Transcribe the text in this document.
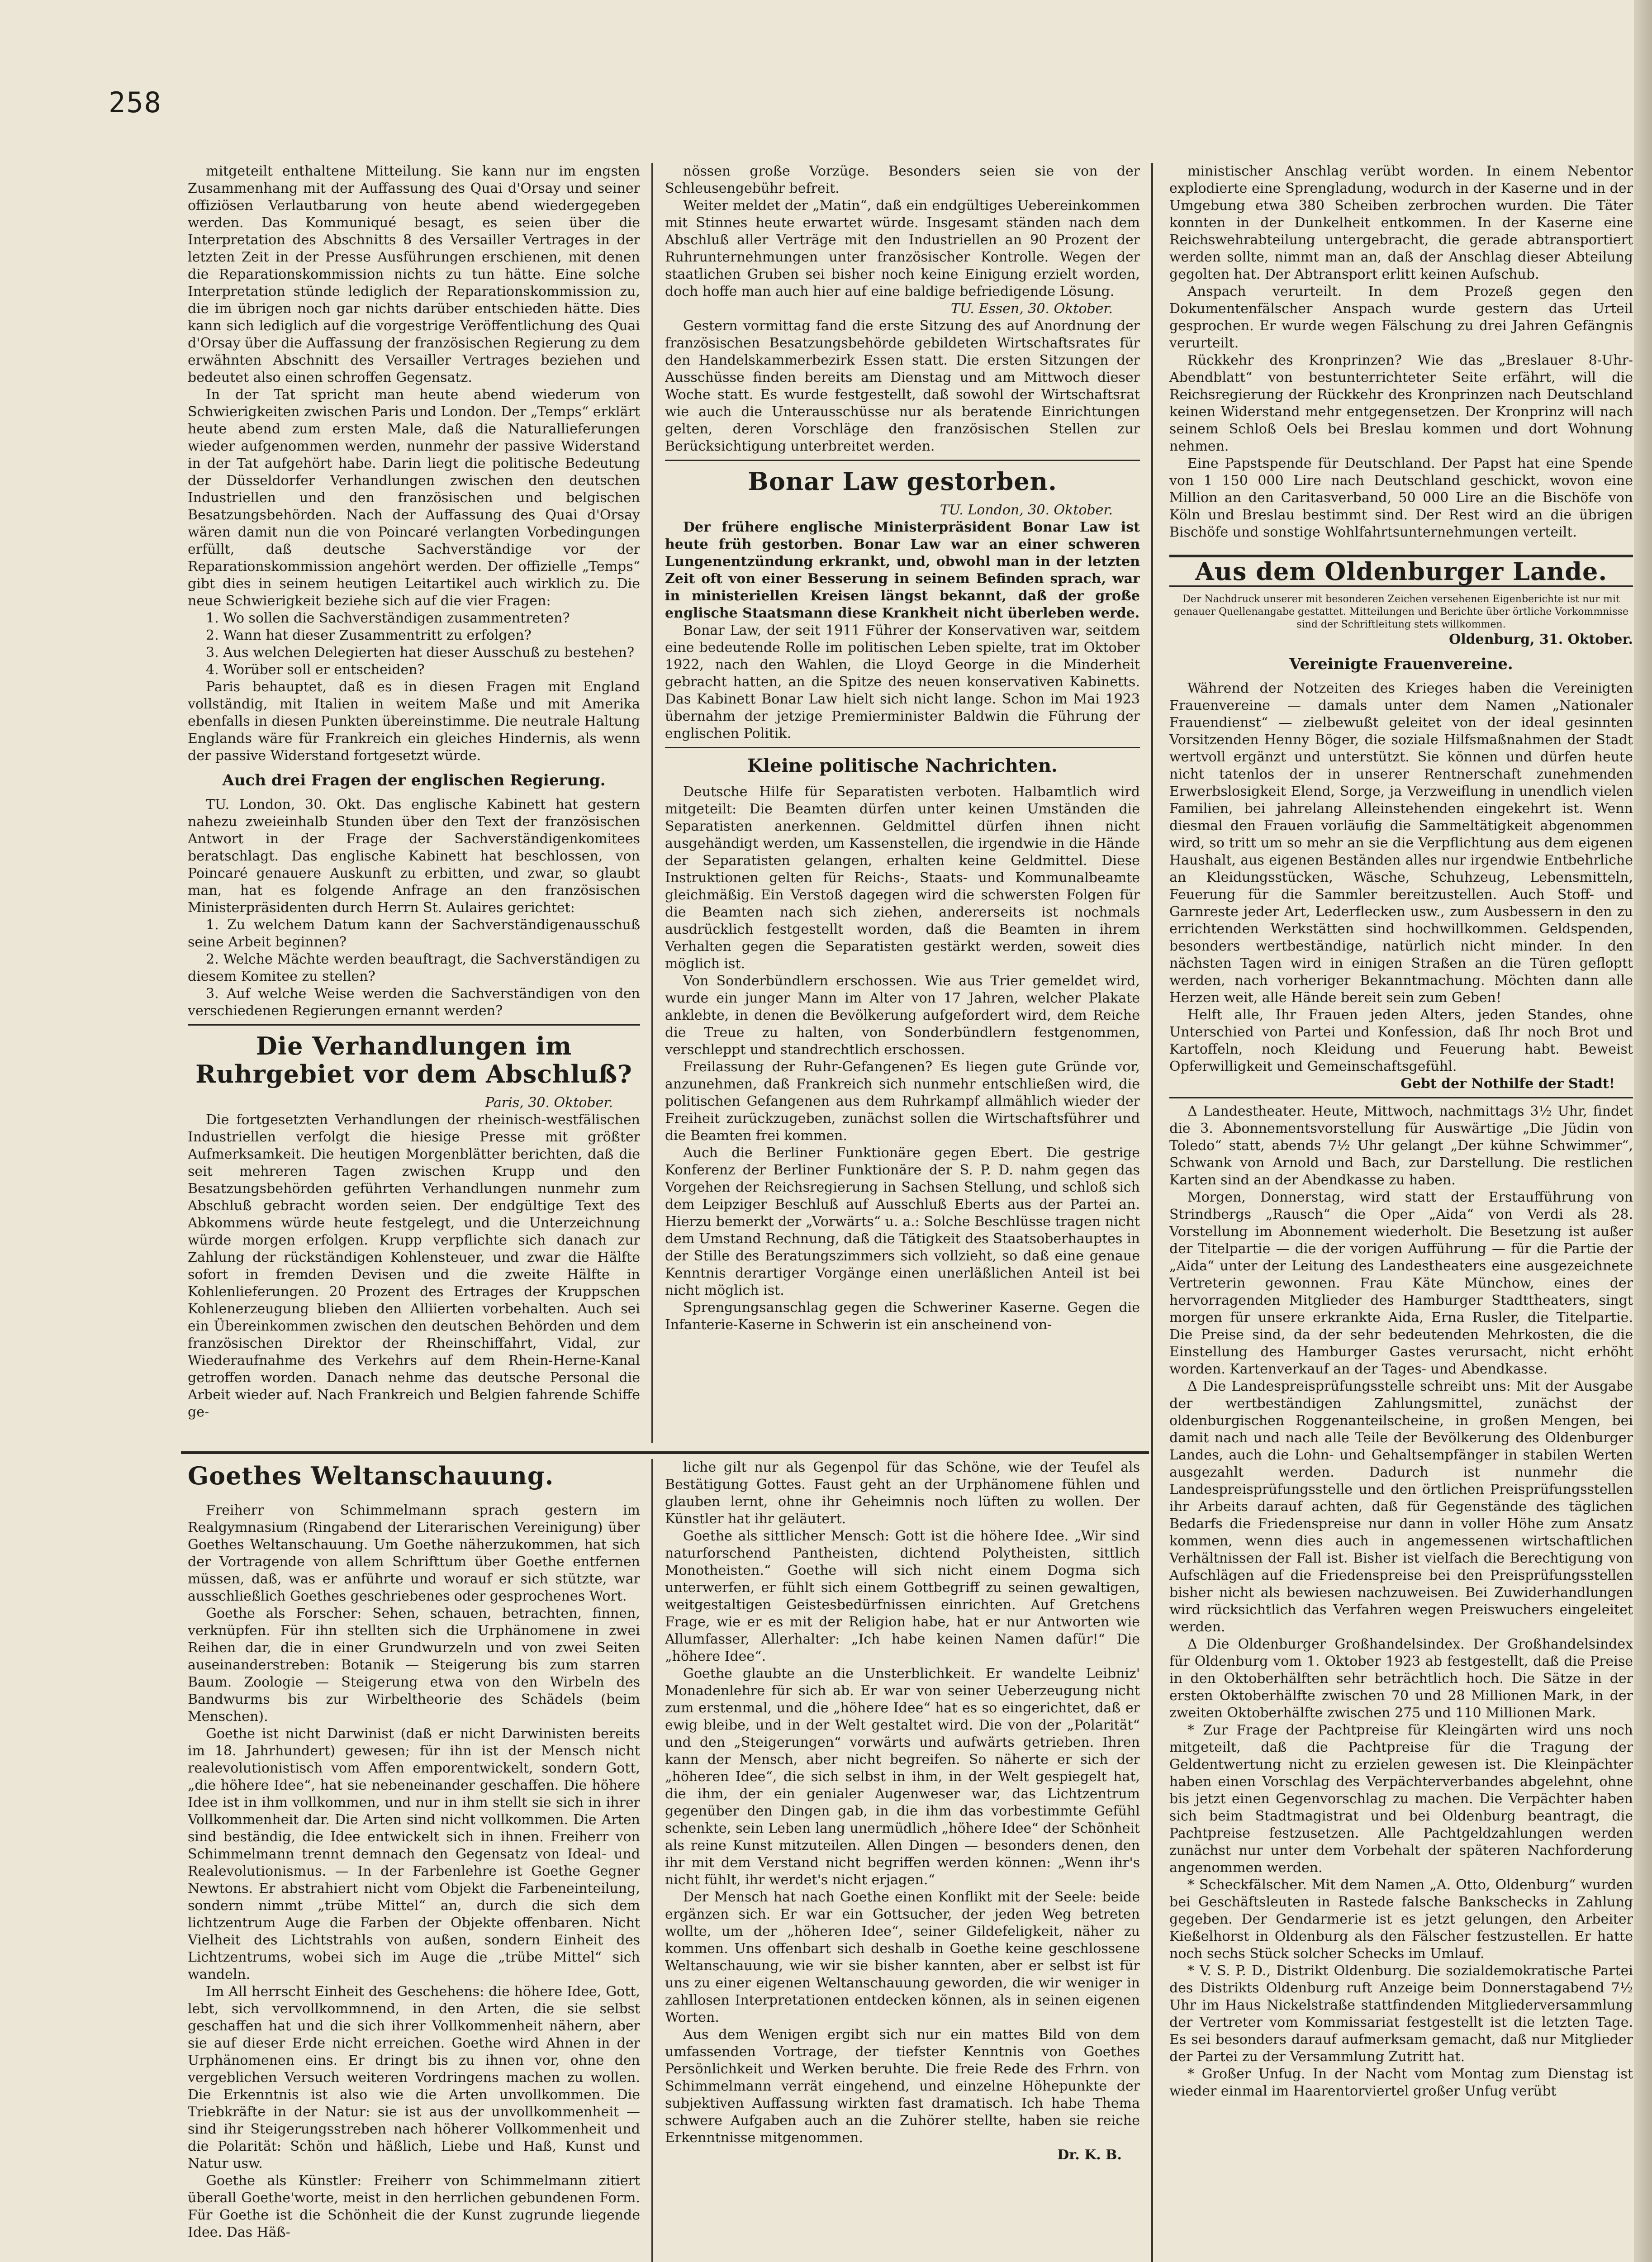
258

mitgeteilt enthaltene Mitteilung. Sie kann nur im engsten Zusammenhang mit der Auffassung des Quai d'Orsay und seiner offiziösen Verlautbarung von heute abend wiedergegeben werden. Das Kommuniqué besagt, es seien über die Interpretation des Abschnitts 8 des Versailler Vertrages in der letzten Zeit in der Presse Ausführungen erschienen, mit denen die Reparationskommission nichts zu tun hätte. Eine solche Interpretation stünde lediglich der Reparationskommission zu, die im übrigen noch gar nichts darüber entschieden hätte. Dies kann sich lediglich auf die vorgestrige Veröffentlichung des Quai d'Orsay über die Auffassung der französischen Regierung zu dem erwähnten Abschnitt des Versailler Vertrages beziehen und bedeutet also einen schroffen Gegensatz.

In der Tat spricht man heute abend wiederum von Schwierigkeiten zwischen Paris und London. Der „Temps“ erklärt heute abend zum ersten Male, daß die Naturallieferungen wieder aufgenommen werden, nunmehr der passive Widerstand in der Tat aufgehört habe. Darin liegt die politische Bedeutung der Düsseldorfer Verhandlungen zwischen den deutschen Industriellen und den französischen und belgischen Besatzungsbehörden. Nach der Auffassung des Quai d'Orsay wären damit nun die von Poincaré verlangten Vorbedingungen erfüllt, daß deutsche Sachverständige vor der Reparationskommission angehört werden. Der offizielle „Temps“ gibt dies in seinem heutigen Leitartikel auch wirklich zu. Die neue Schwierigkeit beziehe sich auf die vier Fragen:

1. Wo sollen die Sachverständigen zusammentreten?

2. Wann hat dieser Zusammentritt zu erfolgen?

3. Aus welchen Delegierten hat dieser Ausschuß zu bestehen?

4. Worüber soll er entscheiden?

Paris behauptet, daß es in diesen Fragen mit England vollständig, mit Italien in weitem Maße und mit Amerika ebenfalls in diesen Punkten übereinstimme. Die neutrale Haltung Englands wäre für Frankreich ein gleiches Hindernis, als wenn der passive Widerstand fortgesetzt würde.

Auch drei Fragen der englischen Regierung.

TU. London, 30. Okt. Das englische Kabinett hat gestern nahezu zweieinhalb Stunden über den Text der französischen Antwort in der Frage der Sachverständigenkomitees beratschlagt. Das englische Kabinett hat beschlossen, von Poincaré genauere Auskunft zu erbitten, und zwar, so glaubt man, hat es folgende Anfrage an den französischen Ministerpräsidenten durch Herrn St. Aulaires gerichtet:

1. Zu welchem Datum kann der Sachverständigenausschuß seine Arbeit beginnen?

2. Welche Mächte werden beauftragt, die Sachverständigen zu diesem Komitee zu stellen?

3. Auf welche Weise werden die Sachverständigen von den verschiedenen Regierungen ernannt werden?

Die Verhandlungen im Ruhrgebiet vor dem Abschluß?

Paris, 30. Oktober.

Die fortgesetzten Verhandlungen der rheinisch-westfälischen Industriellen verfolgt die hiesige Presse mit größter Aufmerksamkeit. Die heutigen Morgenblätter berichten, daß die seit mehreren Tagen zwischen Krupp und den Besatzungsbehörden geführten Verhandlungen nunmehr zum Abschluß gebracht worden seien. Der endgültige Text des Abkommens würde heute festgelegt, und die Unterzeichnung würde morgen erfolgen. Krupp verpflichte sich danach zur Zahlung der rückständigen Kohlensteuer, und zwar die Hälfte sofort in fremden Devisen und die zweite Hälfte in Kohlenlieferungen. 20 Prozent des Ertrages der Kruppschen Kohlenerzeugung blieben den Alliierten vorbehalten. Auch sei ein Übereinkommen zwischen den deutschen Behörden und dem französischen Direktor der Rheinschiffahrt, Vidal, zur Wiederaufnahme des Verkehrs auf dem Rhein-Herne-Kanal getroffen worden. Danach nehme das deutsche Personal die Arbeit wieder auf. Nach Frankreich und Belgien fahrende Schiffe ge-

nössen große Vorzüge. Besonders seien sie von der Schleusengebühr befreit.

Weiter meldet der „Matin“, daß ein endgültiges Uebereinkommen mit Stinnes heute erwartet würde. Insgesamt ständen nach dem Abschluß aller Verträge mit den Industriellen an 90 Prozent der Ruhrunternehmungen unter französischer Kontrolle. Wegen der staatlichen Gruben sei bisher noch keine Einigung erzielt worden, doch hoffe man auch hier auf eine baldige befriedigende Lösung.

TU. Essen, 30. Oktober.

Gestern vormittag fand die erste Sitzung des auf Anordnung der französischen Besatzungsbehörde gebildeten Wirtschaftsrates für den Handelskammerbezirk Essen statt. Die ersten Sitzungen der Ausschüsse finden bereits am Dienstag und am Mittwoch dieser Woche statt. Es wurde festgestellt, daß sowohl der Wirtschaftsrat wie auch die Unterausschüsse nur als beratende Einrichtungen gelten, deren Vorschläge den französischen Stellen zur Berücksichtigung unterbreitet werden.

Bonar Law gestorben.

TU. London, 30. Oktober.

Der frühere englische Ministerpräsident Bonar Law ist heute früh gestorben. Bonar Law war an einer schweren Lungenentzündung erkrankt, und, obwohl man in der letzten Zeit oft von einer Besserung in seinem Befinden sprach, war in ministeriellen Kreisen längst bekannt, daß der große englische Staatsmann diese Krankheit nicht überleben werde.

Bonar Law, der seit 1911 Führer der Konservativen war, seitdem eine bedeutende Rolle im politischen Leben spielte, trat im Oktober 1922, nach den Wahlen, die Lloyd George in die Minderheit gebracht hatten, an die Spitze des neuen konservativen Kabinetts. Das Kabinett Bonar Law hielt sich nicht lange. Schon im Mai 1923 übernahm der jetzige Premierminister Baldwin die Führung der englischen Politik.

Kleine politische Nachrichten.

Deutsche Hilfe für Separatisten verboten. Halbamtlich wird mitgeteilt: Die Beamten dürfen unter keinen Umständen die Separatisten anerkennen. Geldmittel dürfen ihnen nicht ausgehändigt werden, um Kassenstellen, die irgendwie in die Hände der Separatisten gelangen, erhalten keine Geldmittel. Diese Instruktionen gelten für Reichs-, Staats- und Kommunalbeamte gleichmäßig. Ein Verstoß dagegen wird die schwersten Folgen für die Beamten nach sich ziehen, andererseits ist nochmals ausdrücklich festgestellt worden, daß die Beamten in ihrem Verhalten gegen die Separatisten gestärkt werden, soweit dies möglich ist.

Von Sonderbündlern erschossen. Wie aus Trier gemeldet wird, wurde ein junger Mann im Alter von 17 Jahren, welcher Plakate anklebte, in denen die Bevölkerung aufgefordert wird, dem Reiche die Treue zu halten, von Sonderbündlern festgenommen, verschleppt und standrechtlich erschossen.

Freilassung der Ruhr-Gefangenen? Es liegen gute Gründe vor, anzunehmen, daß Frankreich sich nunmehr entschließen wird, die politischen Gefangenen aus dem Ruhrkampf allmählich wieder der Freiheit zurückzugeben, zunächst sollen die Wirtschaftsführer und die Beamten frei kommen.

Auch die Berliner Funktionäre gegen Ebert. Die gestrige Konferenz der Berliner Funktionäre der S. P. D. nahm gegen das Vorgehen der Reichsregierung in Sachsen Stellung, und schloß sich dem Leipziger Beschluß auf Ausschluß Eberts aus der Partei an. Hierzu bemerkt der „Vorwärts“ u. a.: Solche Beschlüsse tragen nicht dem Umstand Rechnung, daß die Tätigkeit des Staatsoberhauptes in der Stille des Beratungszimmers sich vollzieht, so daß eine genaue Kenntnis derartiger Vorgänge einen unerläßlichen Anteil ist bei nicht möglich ist.

Sprengungsanschlag gegen die Schweriner Kaserne. Gegen die Infanterie-Kaserne in Schwerin ist ein anscheinend von-

ministischer Anschlag verübt worden. In einem Nebentor explodierte eine Sprengladung, wodurch in der Kaserne und in der Umgebung etwa 380 Scheiben zerbrochen wurden. Die Täter konnten in der Dunkelheit entkommen. In der Kaserne eine Reichswehrabteilung untergebracht, die gerade abtransportiert werden sollte, nimmt man an, daß der Anschlag dieser Abteilung gegolten hat. Der Abtransport erlitt keinen Aufschub.

Anspach verurteilt. In dem Prozeß gegen den Dokumentenfälscher Anspach wurde gestern das Urteil gesprochen. Er wurde wegen Fälschung zu drei Jahren Gefängnis verurteilt.

Rückkehr des Kronprinzen? Wie das „Breslauer 8-Uhr-Abendblatt“ von bestunterrichteter Seite erfährt, will die Reichsregierung der Rückkehr des Kronprinzen nach Deutschland keinen Widerstand mehr entgegensetzen. Der Kronprinz will nach seinem Schloß Oels bei Breslau kommen und dort Wohnung nehmen.

Eine Papstspende für Deutschland. Der Papst hat eine Spende von 1 150 000 Lire nach Deutschland geschickt, wovon eine Million an den Caritasverband, 50 000 Lire an die Bischöfe von Köln und Breslau bestimmt sind. Der Rest wird an die übrigen Bischöfe und sonstige Wohlfahrtsunternehmungen verteilt.

Aus dem Oldenburger Lande.

Der Nachdruck unserer mit besonderen Zeichen versehenen Eigenberichte ist nur mit genauer Quellenangabe gestattet. Mitteilungen und Berichte über örtliche Vorkommnisse sind der Schriftleitung stets willkommen.

Oldenburg, 31. Oktober.

Vereinigte Frauenvereine.

Während der Notzeiten des Krieges haben die Vereinigten Frauenvereine — damals unter dem Namen „Nationaler Frauendienst“ — zielbewußt geleitet von der ideal gesinnten Vorsitzenden Henny Böger, die soziale Hilfsmaßnahmen der Stadt wertvoll ergänzt und unterstützt. Sie können und dürfen heute nicht tatenlos der in unserer Rentnerschaft zunehmenden Erwerbslosigkeit Elend, Sorge, ja Verzweiflung in unendlich vielen Familien, bei jahrelang Alleinstehenden eingekehrt ist. Wenn diesmal den Frauen vorläufig die Sammeltätigkeit abgenommen wird, so tritt um so mehr an sie die Verpflichtung aus dem eigenen Haushalt, aus eigenen Beständen alles nur irgendwie Entbehrliche an Kleidungsstücken, Wäsche, Schuhzeug, Lebensmitteln, Feuerung für die Sammler bereitzustellen. Auch Stoff- und Garnreste jeder Art, Lederflecken usw., zum Ausbessern in den zu errichtenden Werkstätten sind hochwillkommen. Geldspenden, besonders wertbeständige, natürlich nicht minder. In den nächsten Tagen wird in einigen Straßen an die Türen gefloptt werden, nach vorheriger Bekanntmachung. Möchten dann alle Herzen weit, alle Hände bereit sein zum Geben!

Helft alle, Ihr Frauen jeden Alters, jeden Standes, ohne Unterschied von Partei und Konfession, daß Ihr noch Brot und Kartoffeln, noch Kleidung und Feuerung habt. Beweist Opferwilligkeit und Gemeinschaftsgefühl.

Gebt der Nothilfe der Stadt!

Δ Landestheater. Heute, Mittwoch, nachmittags 3½ Uhr, findet die 3. Abonnementsvorstellung für Auswärtige „Die Jüdin von Toledo“ statt, abends 7½ Uhr gelangt „Der kühne Schwimmer“, Schwank von Arnold und Bach, zur Darstellung. Die restlichen Karten sind an der Abendkasse zu haben.

Morgen, Donnerstag, wird statt der Erstaufführung von Strindbergs „Rausch“ die Oper „Aida“ von Verdi als 28. Vorstellung im Abonnement wiederholt. Die Besetzung ist außer der Titelpartie — die der vorigen Aufführung — für die Partie der „Aida“ unter der Leitung des Landestheaters eine ausgezeichnete Vertreterin gewonnen. Frau Käte Münchow, eines der hervorragenden Mitglieder des Hamburger Stadttheaters, singt morgen für unsere erkrankte Aida, Erna Rusler, die Titelpartie. Die Preise sind, da der sehr bedeutenden Mehrkosten, die die Einstellung des Hamburger Gastes verursacht, nicht erhöht worden. Kartenverkauf an der Tages- und Abendkasse.

Δ Die Landespreisprüfungsstelle schreibt uns: Mit der Ausgabe der wertbeständigen Zahlungsmittel, zunächst der oldenburgischen Roggenanteilscheine, in großen Mengen, bei damit nach und nach alle Teile der Bevölkerung des Oldenburger Landes, auch die Lohn- und Gehaltsempfänger in stabilen Werten ausgezahlt werden. Dadurch ist nunmehr die Landespreisprüfungsstelle und den örtlichen Preisprüfungsstellen ihr Arbeits darauf achten, daß für Gegenstände des täglichen Bedarfs die Friedenspreise nur dann in voller Höhe zum Ansatz kommen, wenn dies auch in angemessenen wirtschaftlichen Verhältnissen der Fall ist. Bisher ist vielfach die Berechtigung von Aufschlägen auf die Friedenspreise bei den Preisprüfungsstellen bisher nicht als bewiesen nachzuweisen. Bei Zuwiderhandlungen wird rücksichtlich das Verfahren wegen Preiswuchers eingeleitet werden.

Δ Die Oldenburger Großhandelsindex. Der Großhandelsindex für Oldenburg vom 1. Oktober 1923 ab festgestellt, daß die Preise in den Oktoberhälften sehr beträchtlich hoch. Die Sätze in der ersten Oktoberhälfte zwischen 70 und 28 Millionen Mark, in der zweiten Oktoberhälfte zwischen 275 und 110 Millionen Mark.

* Zur Frage der Pachtpreise für Kleingärten wird uns noch mitgeteilt, daß die Pachtpreise für die Tragung der Geldentwertung nicht zu erzielen gewesen ist. Die Kleinpächter haben einen Vorschlag des Verpächterverbandes abgelehnt, ohne bis jetzt einen Gegenvorschlag zu machen. Die Verpächter haben sich beim Stadtmagistrat und bei Oldenburg beantragt, die Pachtpreise festzusetzen. Alle Pachtgeldzahlungen werden zunächst nur unter dem Vorbehalt der späteren Nachforderung angenommen werden.

* Scheckfälscher. Mit dem Namen „A. Otto, Oldenburg“ wurden bei Geschäftsleuten in Rastede falsche Bankschecks in Zahlung gegeben. Der Gendarmerie ist es jetzt gelungen, den Arbeiter Kießelhorst in Oldenburg als den Fälscher festzustellen. Er hatte noch sechs Stück solcher Schecks im Umlauf.

* V. S. P. D., Distrikt Oldenburg. Die sozialdemokratische Partei des Distrikts Oldenburg ruft Anzeige beim Donnerstagabend 7½ Uhr im Haus Nickelstraße stattfindenden Mitgliederversammlung der Vertreter vom Kommissariat festgestellt ist die letzten Tage. Es sei besonders darauf aufmerksam gemacht, daß nur Mitglieder der Partei zu der Versammlung Zutritt hat.

* Großer Unfug. In der Nacht vom Montag zum Dienstag ist wieder einmal im Haarentorviertel großer Unfug verübt

Goethes Weltanschauung.

Freiherr von Schimmelmann sprach gestern im Realgymnasium (Ringabend der Literarischen Vereinigung) über Goethes Weltanschauung. Um Goethe näherzukommen, hat sich der Vortragende von allem Schrifttum über Goethe entfernen müssen, daß, was er anführte und worauf er sich stützte, war ausschließlich Goethes geschriebenes oder gesprochenes Wort.

Goethe als Forscher: Sehen, schauen, betrachten, finnen, verknüpfen. Für ihn stellten sich die Urphänomene in zwei Reihen dar, die in einer Grundwurzeln und von zwei Seiten auseinanderstreben: Botanik — Steigerung bis zum starren Baum. Zoologie — Steigerung etwa von den Wirbeln des Bandwurms bis zur Wirbeltheorie des Schädels (beim Menschen).

Goethe ist nicht Darwinist (daß er nicht Darwinisten bereits im 18. Jahrhundert) gewesen; für ihn ist der Mensch nicht realevolutionistisch vom Affen emporentwickelt, sondern Gott, „die höhere Idee“, hat sie nebeneinander geschaffen. Die höhere Idee ist in ihm vollkommen, und nur in ihm stellt sie sich in ihrer Vollkommenheit dar. Die Arten sind nicht vollkommen. Die Arten sind beständig, die Idee entwickelt sich in ihnen. Freiherr von Schimmelmann trennt demnach den Gegensatz von Ideal- und Realevolutionismus. — In der Farbenlehre ist Goethe Gegner Newtons. Er abstrahiert nicht vom Objekt die Farbeneinteilung, sondern nimmt „trübe Mittel“ an, durch die sich dem lichtzentrum Auge die Farben der Objekte offenbaren. Nicht Vielheit des Lichtstrahls von außen, sondern Einheit des Lichtzentrums, wobei sich im Auge die „trübe Mittel“ sich wandeln.

Im All herrscht Einheit des Geschehens: die höhere Idee, Gott, lebt, sich vervollkommnend, in den Arten, die sie selbst geschaffen hat und die sich ihrer Vollkommenheit nähern, aber sie auf dieser Erde nicht erreichen. Goethe wird Ahnen in der Urphänomenen eins. Er dringt bis zu ihnen vor, ohne den vergeblichen Versuch weiteren Vordringens machen zu wollen. Die Erkenntnis ist also wie die Arten unvollkommen. Die Triebkräfte in der Natur: sie ist aus der unvollkommenheit — sind ihr Steigerungsstreben nach höherer Vollkommenheit und die Polarität: Schön und häßlich, Liebe und Haß, Kunst und Natur usw.

Goethe als Künstler: Freiherr von Schimmelmann zitiert überall Goethe'worte, meist in den herrlichen gebundenen Form. Für Goethe ist die Schönheit die der Kunst zugrunde liegende Idee. Das Häß-

liche gilt nur als Gegenpol für das Schöne, wie der Teufel als Bestätigung Gottes. Faust geht an der Urphänomene fühlen und glauben lernt, ohne ihr Geheimnis noch lüften zu wollen. Der Künstler hat ihr geläutert.

Goethe als sittlicher Mensch: Gott ist die höhere Idee. „Wir sind naturforschend Pantheisten, dichtend Polytheisten, sittlich Monotheisten.“ Goethe will sich nicht einem Dogma sich unterwerfen, er fühlt sich einem Gottbegriff zu seinen gewaltigen, weitgestaltigen Geistesbedürfnissen einrichten. Auf Gretchens Frage, wie er es mit der Religion habe, hat er nur Antworten wie Allumfasser, Allerhalter: „Ich habe keinen Namen dafür!“ Die „höhere Idee“.

Goethe glaubte an die Unsterblichkeit. Er wandelte Leibniz' Monadenlehre für sich ab. Er war von seiner Ueberzeugung nicht zum erstenmal, und die „höhere Idee“ hat es so eingerichtet, daß er ewig bleibe, und in der Welt gestaltet wird. Die von der „Polarität“ und den „Steigerungen“ vorwärts und aufwärts getrieben. Ihren kann der Mensch, aber nicht begreifen. So näherte er sich der „höheren Idee“, die sich selbst in ihm, in der Welt gespiegelt hat, die ihm, der ein genialer Augenweser war, das Lichtzentrum gegenüber den Dingen gab, in die ihm das vorbestimmte Gefühl schenkte, sein Leben lang unermüdlich „höhere Idee“ der Schönheit als reine Kunst mitzuteilen. Allen Dingen — besonders denen, den ihr mit dem Verstand nicht begriffen werden können: „Wenn ihr's nicht fühlt, ihr werdet's nicht erjagen.“

Der Mensch hat nach Goethe einen Konflikt mit der Seele: beide ergänzen sich. Er war ein Gottsucher, der jeden Weg betreten wollte, um der „höheren Idee“, seiner Gildefeligkeit, näher zu kommen. Uns offenbart sich deshalb in Goethe keine geschlossene Weltanschauung, wie wir sie bisher kannten, aber er selbst ist für uns zu einer eigenen Weltanschauung geworden, die wir weniger in zahllosen Interpretationen entdecken können, als in seinen eigenen Worten.

Aus dem Wenigen ergibt sich nur ein mattes Bild von dem umfassenden Vortrage, der tiefster Kenntnis von Goethes Persönlichkeit und Werken beruhte. Die freie Rede des Frhrn. von Schimmelmann verrät eingehend, und einzelne Höhepunkte der subjektiven Auffassung wirkten fast dramatisch. Ich habe Thema schwere Aufgaben auch an die Zuhörer stellte, haben sie reiche Erkenntnisse mitgenommen.

Dr. K. B.
